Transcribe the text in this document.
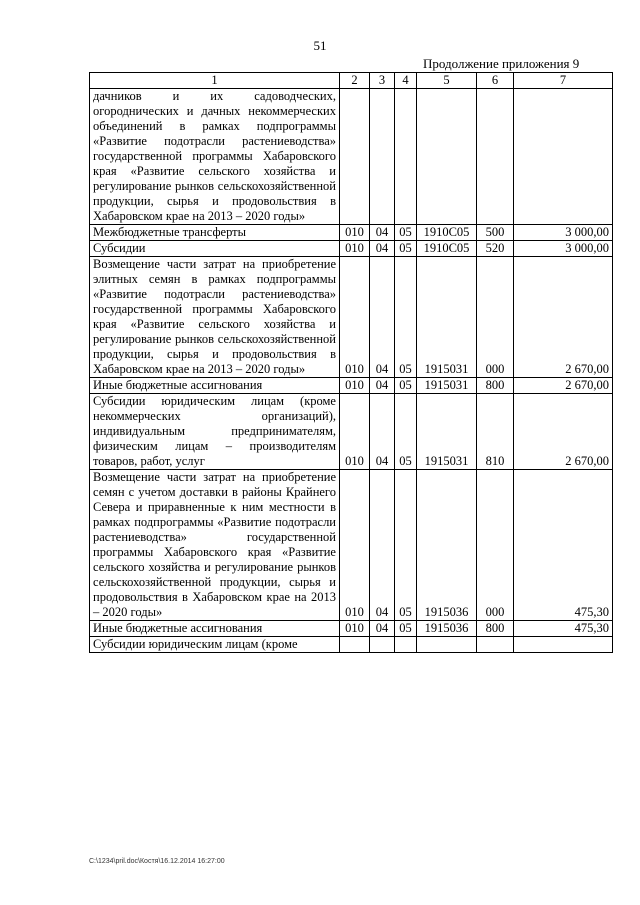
51
Продолжение приложения 9
1	2	3	4	5	6	7
дачников и их садоводческих, огороднических и дачных некоммерческих объединений в рамках подпрограммы «Развитие подотрасли растениеводства» государственной программы Хабаровского края «Развитие сельского хозяйства и регулирование рынков сельскохозяйственной продукции, сырья и продовольствия в Хабаровском крае на 2013 – 2020 годы»						
Межбюджетные трансферты	010	04	05	1910С05	500	3 000,00
Субсидии	010	04	05	1910С05	520	3 000,00
Возмещение части затрат на приобретение элитных семян в рамках подпрограммы «Развитие подотрасли растениеводства» государственной программы Хабаровского края «Развитие сельского хозяйства и регулирование рынков сельскохозяйственной продукции, сырья и продовольствия в Хабаровском крае на 2013 – 2020 годы»	010	04	05	1915031	000	2 670,00
Иные бюджетные ассигнования	010	04	05	1915031	800	2 670,00
Субсидии юридическим лицам (кроме некоммерческих организаций), индивидуальным предпринимателям, физическим лицам – производителям товаров, работ, услуг	010	04	05	1915031	810	2 670,00
Возмещение части затрат на приобретение семян с учетом доставки в районы Крайнего Севера и приравненные к ним местности в рамках подпрограммы «Развитие подотрасли растениеводства» государственной программы Хабаровского края «Развитие сельского хозяйства и регулирование рынков сельскохозяйственной продукции, сырья и продовольствия в Хабаровском крае на 2013 – 2020 годы»	010	04	05	1915036	000	475,30
Иные бюджетные ассигнования	010	04	05	1915036	800	475,30
Субсидии юридическим лицам (кроме						
C:\1234\pril.doc\Костя\16.12.2014 16:27:00
